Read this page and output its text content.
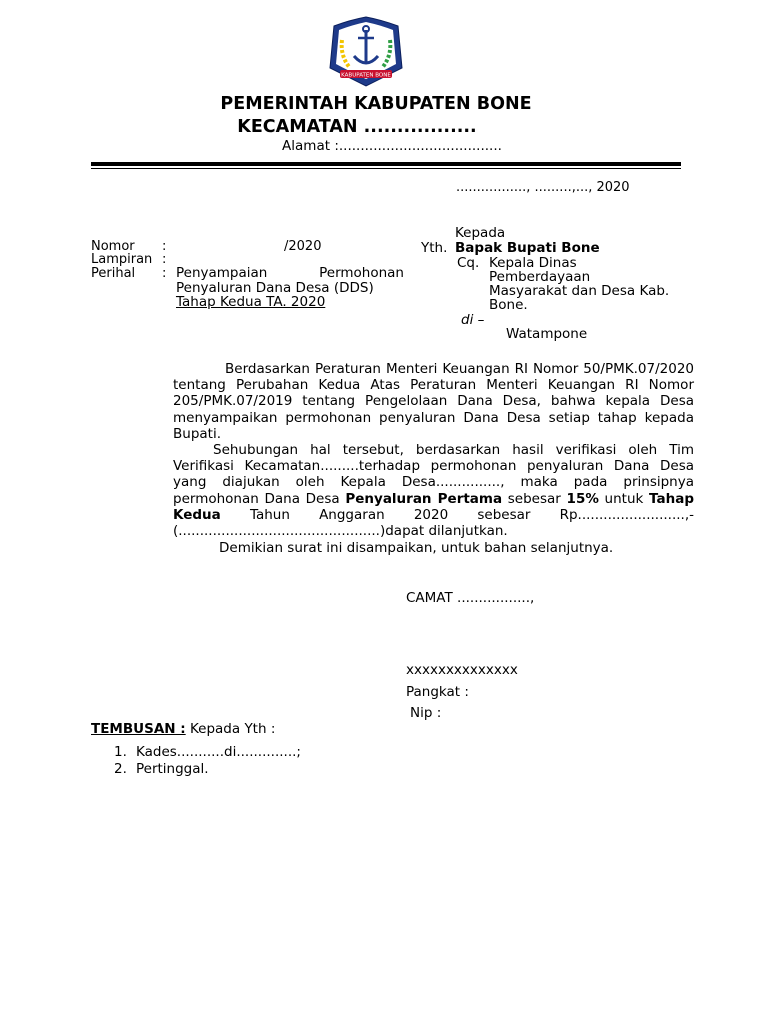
KABUPATEN BONE
PEMERINTAH KABUPATEN BONE
KECAMATAN .................
Alamat :......................................
................., .........,..., 2020
Nomor :	/2020
Lampiran :
Perihal : Penyampaian Permohonan
Penyaluran Dana Desa (DDS)
Tahap Kedua TA. 2020
Kepada
Yth. Bapak Bupati Bone
Cq. Kepala Dinas
Pemberdayaan
Masyarakat dan Desa Kab.
Bone.
di –
Watampone
Berdasarkan Peraturan Menteri Keuangan RI Nomor 50/PMK.07/2020 tentang Perubahan Kedua Atas Peraturan Menteri Keuangan RI Nomor 205/PMK.07/2019 tentang Pengelolaan Dana Desa, bahwa kepala Desa menyampaikan permohonan penyaluran Dana Desa setiap tahap kepada Bupati.
Sehubungan hal tersebut, berdasarkan hasil verifikasi oleh Tim Verifikasi Kecamatan.........terhadap permohonan penyaluran Dana Desa yang diajukan oleh Kepala Desa..............., maka pada prinsipnya permohonan Dana Desa Penyaluran Pertama sebesar 15% untuk Tahap Kedua Tahun Anggaran 2020 sebesar Rp.........................,-(...............................................)dapat dilanjutkan.
Demikian surat ini disampaikan, untuk bahan selanjutnya.
CAMAT .................,
xxxxxxxxxxxxxx
Pangkat :
Nip :
TEMBUSAN : Kepada Yth :
1. Kades...........di..............;
2. Pertinggal.
